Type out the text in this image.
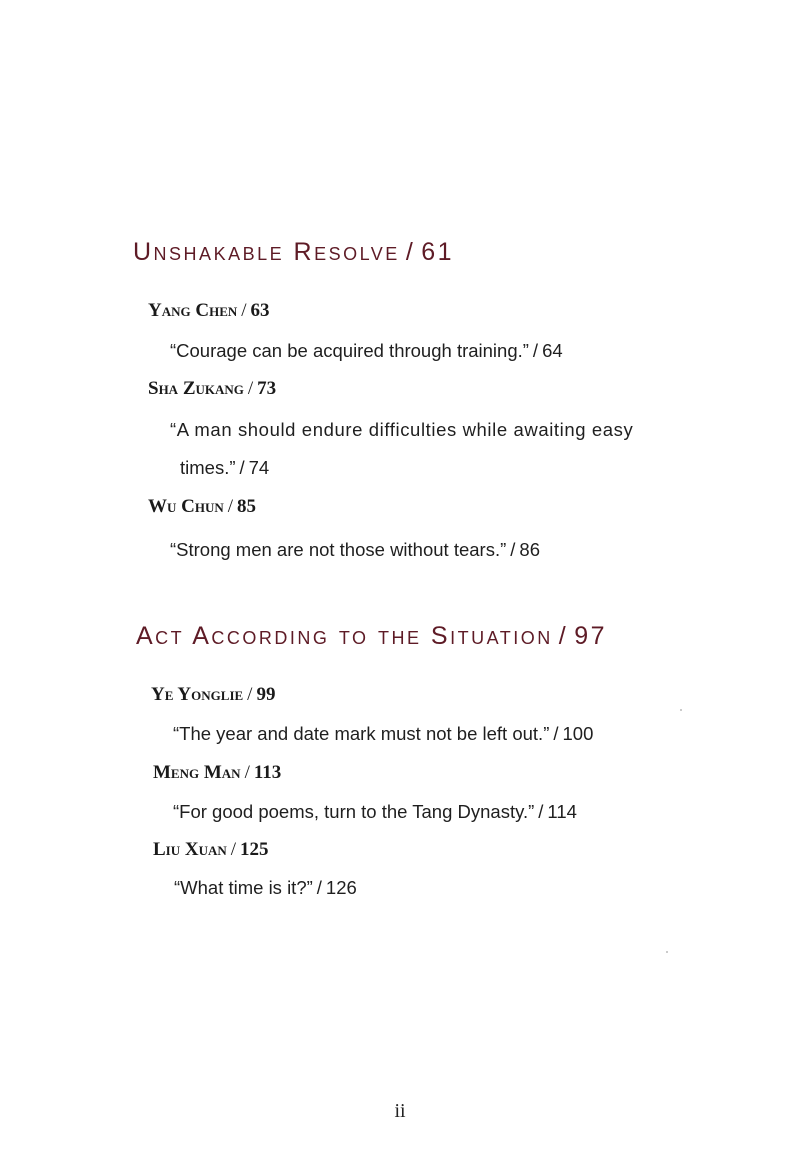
Unshakable Resolve / 61
Yang Chen / 63
“Courage can be acquired through training.” / 64
Sha Zukang / 73
“A man should endure difficulties while awaiting easy
times.” / 74
Wu Chun / 85
“Strong men are not those without tears.” / 86
Act According to the Situation / 97
Ye Yonglie / 99
“The year and date mark must not be left out.” / 100
Meng Man / 113
“For good poems, turn to the Tang Dynasty.” / 114
Liu Xuan / 125
“What time is it?” / 126
ii
